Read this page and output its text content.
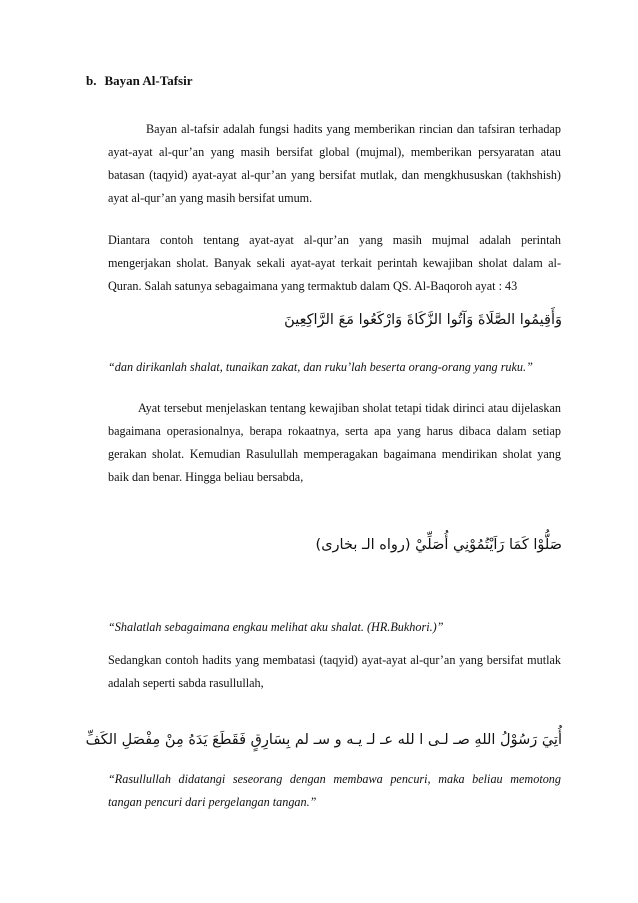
b. Bayan Al-Tafsir

Bayan al-tafsir adalah fungsi hadits yang memberikan rincian dan tafsiran terhadap ayat-ayat al-qur’an yang masih bersifat global (mujmal), memberikan persyaratan atau batasan (taqyid) ayat-ayat al-qur’an yang bersifat mutlak, dan mengkhususkan (takhshish) ayat al-qur’an yang masih bersifat umum.

Diantara contoh tentang ayat-ayat al-qur’an yang masih mujmal adalah perintah mengerjakan sholat. Banyak sekali ayat-ayat terkait perintah kewajiban sholat dalam al-Quran. Salah satunya sebagaimana yang termaktub dalam QS. Al-Baqoroh ayat : 43

وَأَقِيمُوا الصَّلَاةَ وَآتُوا الزَّكَاةَ وَارْكَعُوا مَعَ الرَّاكِعِينَ

“dan dirikanlah shalat, tunaikan zakat, dan ruku’lah beserta orang-orang yang ruku.”

Ayat tersebut menjelaskan tentang kewajiban sholat tetapi tidak dirinci atau dijelaskan bagaimana operasionalnya, berapa rokaatnya, serta apa yang harus dibaca dalam setiap gerakan sholat. Kemudian Rasulullah memperagakan bagaimana mendirikan sholat yang baik dan benar. Hingga beliau bersabda,

صَلُّوْا كَمَا رَاَيْتُمُوْنِي أُصَلِّيْ (رواه الـ بخارى)

“Shalatlah sebagaimana engkau melihat aku shalat. (HR.Bukhori.)”

Sedangkan contoh hadits yang membatasi (taqyid) ayat-ayat al-qur’an yang bersifat mutlak adalah seperti sabda rasullullah,

أُتِيَ رَسُوْلُ اللهِ صـ لـى ا لله عـ لـ يـه و سـ لم بِسَارِقٍ فَقَطَعَ يَدَهُ مِنْ مِفْصَلِ الكَفِّ

“Rasullullah didatangi seseorang dengan membawa pencuri, maka beliau memotong tangan pencuri dari pergelangan tangan.”
